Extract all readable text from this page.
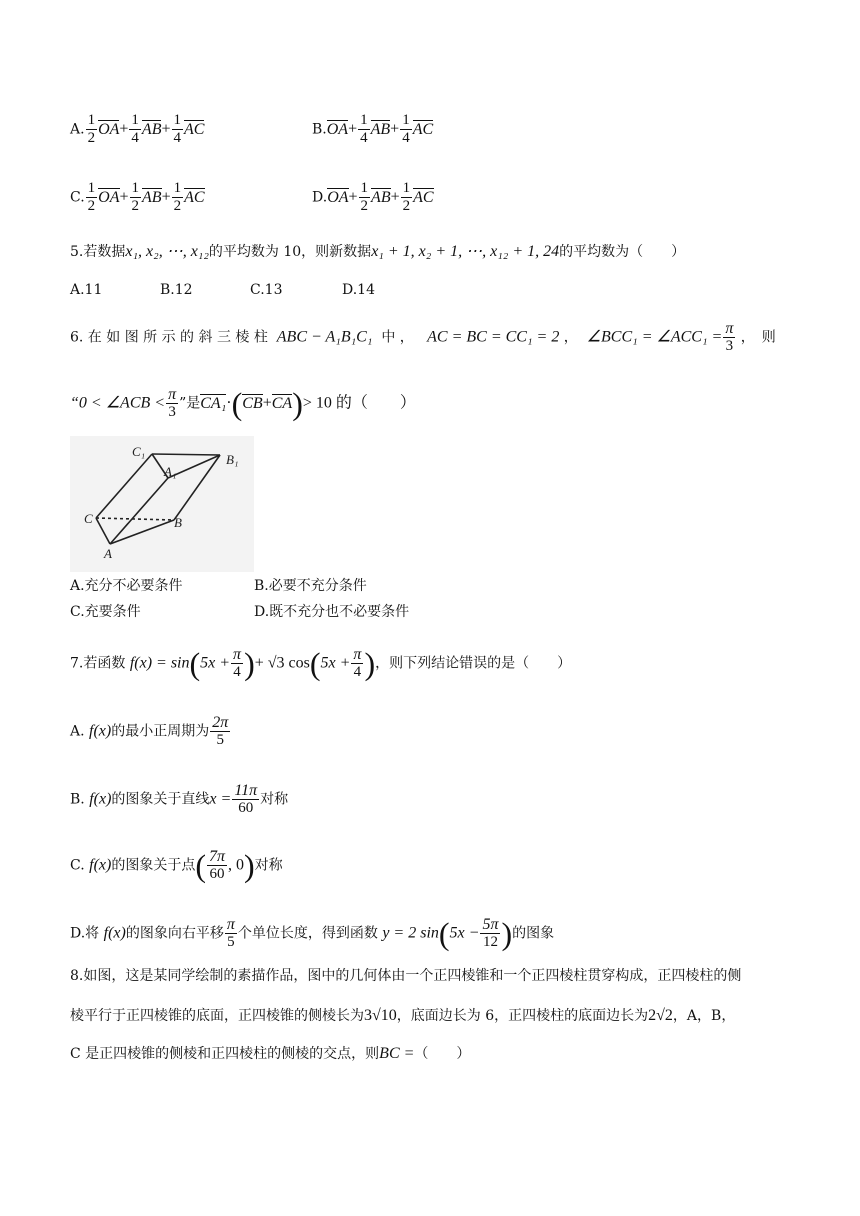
A. $\frac{1}{2} OA+ \frac{1}{4} AB+ \frac{1}{4}$ AC	$B.OA+ \frac{1}{4} AB+ \frac{1}{4}$ AC
C. $\frac{1}{2} OA+ \frac{1}{2} AB+ \frac{1}{2}$ AC	$D.OA+ \frac{1}{2} AB+ \frac{1}{2}$ AC
5.若数据x₁, x₂, ⋯, x₁₂的平均数为 10，则新数据x₁ + 1, x₂ + 1, ⋯, x₁₂ + 1, 24的平均数为（　　）
A.11	B.12	C.13	D.14
6. 在 如 图 所 示 的 斜 三 棱 柱 ABC − A₁B₁C₁ 中 ， AC = BC = CC₁ = 2 ， ∠BCC₁ = ∠ACC₁ = $\frac{\pi}{3}$ ，　则
“0 < ∠ACB < $\frac{\pi}{3}$ ”是CA₁·(CB+CA)> 10 的（　　）
C₁
A₁
B₁
C	B
A
A.充分不必要条件	B.必要不充分条件
C.充要条件	D.既不充分也不必要条件
7.若函数 $f(x) = \sin(5x + \frac{\pi}{4}$ )+ √3 $\cos(5x + \frac{\pi}{4}$ )，则下列结论错误的是（　　）
A. f(x)的最小正周期为 $\frac{2\pi}{5}$
B. f(x)的图象关于直线$x = \frac{11\pi}{60}$ 对称
C. f(x)的图象关于点( $\frac{7\pi}{60}$ , 0)对称
D.将 f(x)的图象向右平移 $\frac{\pi}{5}$ 个单位长度，得到函数 y = 2 $\sin(5x - \frac{5\pi}{12}$ )的图象
8.如图，这是某同学绘制的素描作品，图中的几何体由一个正四棱锥和一个正四棱柱贯穿构成，正四棱柱的侧
棱平行于正四棱锥的底面，正四棱锥的侧棱长为3√10，底面边长为 6，正四棱柱的底面边长为2√2，A，B，
C 是正四棱锥的侧棱和正四棱柱的侧棱的交点，则BC =（　　）
